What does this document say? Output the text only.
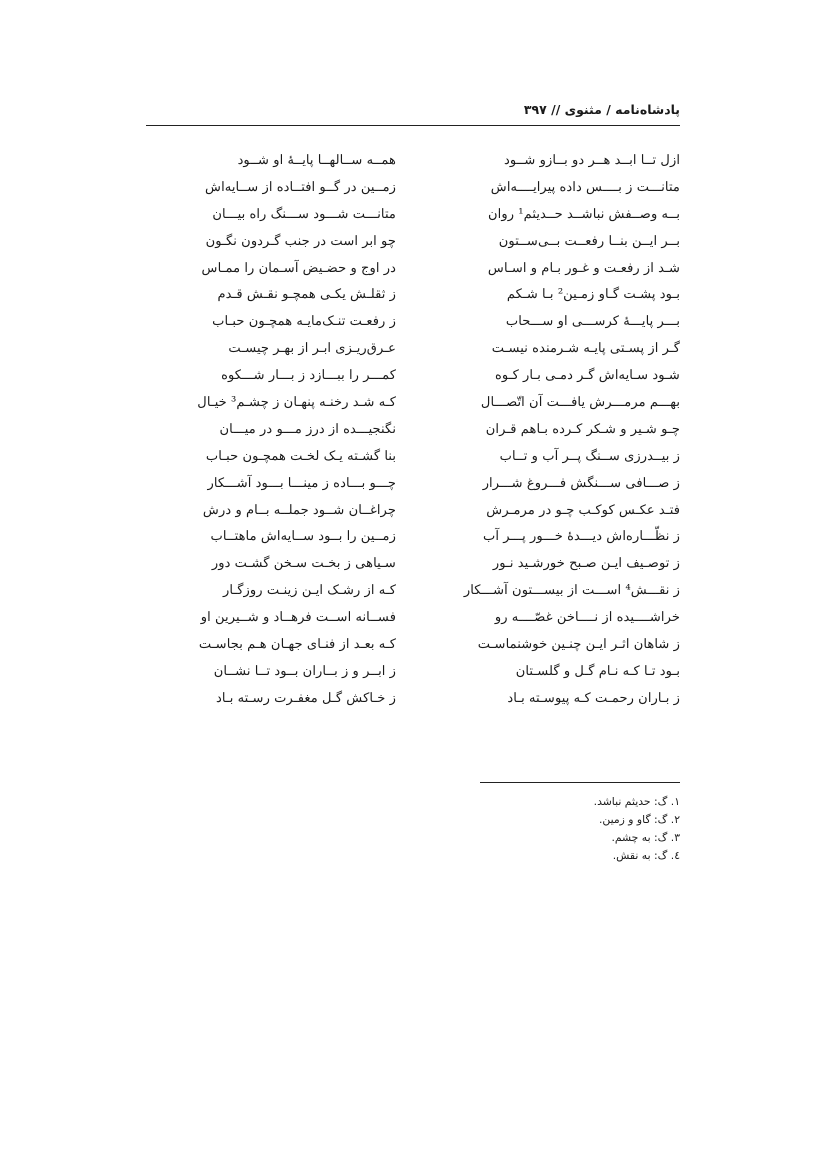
پادشاه‌نامه / مثنوی // ۳۹۷
ازل تــا ابــد هــر دو بــازو شــود
متانـــت ز بــــس داده پیرایــــه‌اش
بــه وصــفش نباشــد حــدیثم¹ روان
بــر ایــن بنــا رفعــت بــی‌ســتون
شـد از رفعـت و غـور بـام و اسـاس
بـود پشـت گـاو زمـین² بـا شـکم
بـــر پایـــهٔ کرســـی او ســـحاب
گـر از پسـتی پایـه شـرمنده نیسـت
شـود سـایه‌اش گـر دمـی بـار کـوه
بهـــم مرمـــرش یافـــت آن اتّصـــال
چـو شـیر و شـکر کـرده بـاهم قـران
ز بیــدرزی ســنگ پــر آب و تــاب
ز صـــافی ســـنگش فـــروغ شـــرار
فتـد عکـس کوکـب چـو در مرمـرش
ز نظّـــاره‌اش دیـــدهٔ خـــور پـــر آب
ز توصـیف ایـن صـبح خورشـید نـور
ز نقـــش⁴ اســـت از بیســـتون آشـــکار
خراشــــیده از نــــاخن غصّــــه رو
ز شاهان اثـر ایـن چنـین خوشنماسـت
بـود تـا کـه نـام گـل و گلسـتان
ز بـاران رحمـت کـه پیوسـته بـاد
همــه ســالهــا پایــهٔ او شــود
زمــین در گــو افتــاده از ســایه‌اش
متانـــت شـــود ســـنگ راه بیـــان
چو ابر است در جنب گـردون نگـون
در اوج و حضـیض آسـمان را ممـاس
ز ثقلـش یکـی همچـو نقـش قـدم
ز رفعـت تنـک‌مایـه همچـون حبـاب
عـرق‌ریـزی ابـر از بهـر چیسـت
کمـــر را ببـــازد ز بـــار شـــکوه
کـه شـد رخنـه پنهـان ز چشـم³ خیـال
نگنجیـــده از درز مـــو در میـــان
بنا گشـته یـک لخـت همچـون حبـاب
چـــو بـــاده ز مینـــا بـــود آشـــکار
چراغــان شــود جملــه بــام و درش
زمــین را بــود ســایه‌اش ماهتــاب
سـیاهی ز بخـت سـخن گشـت دور
کـه از رشـک ایـن زینـت روزگـار
فســانه اســت فرهــاد و شــیرین او
کـه بعـد از فنـای جهـان هـم بجاسـت
ز ابــر و ز بــاران بــود تــا نشــان
ز خـاکش گـل مغفـرت رسـته بـاد
۱. گ: حدیثم نباشد.
۲. گ: گاو و زمین.
۳. گ: به چشم.
٤. گ: به نقش.
